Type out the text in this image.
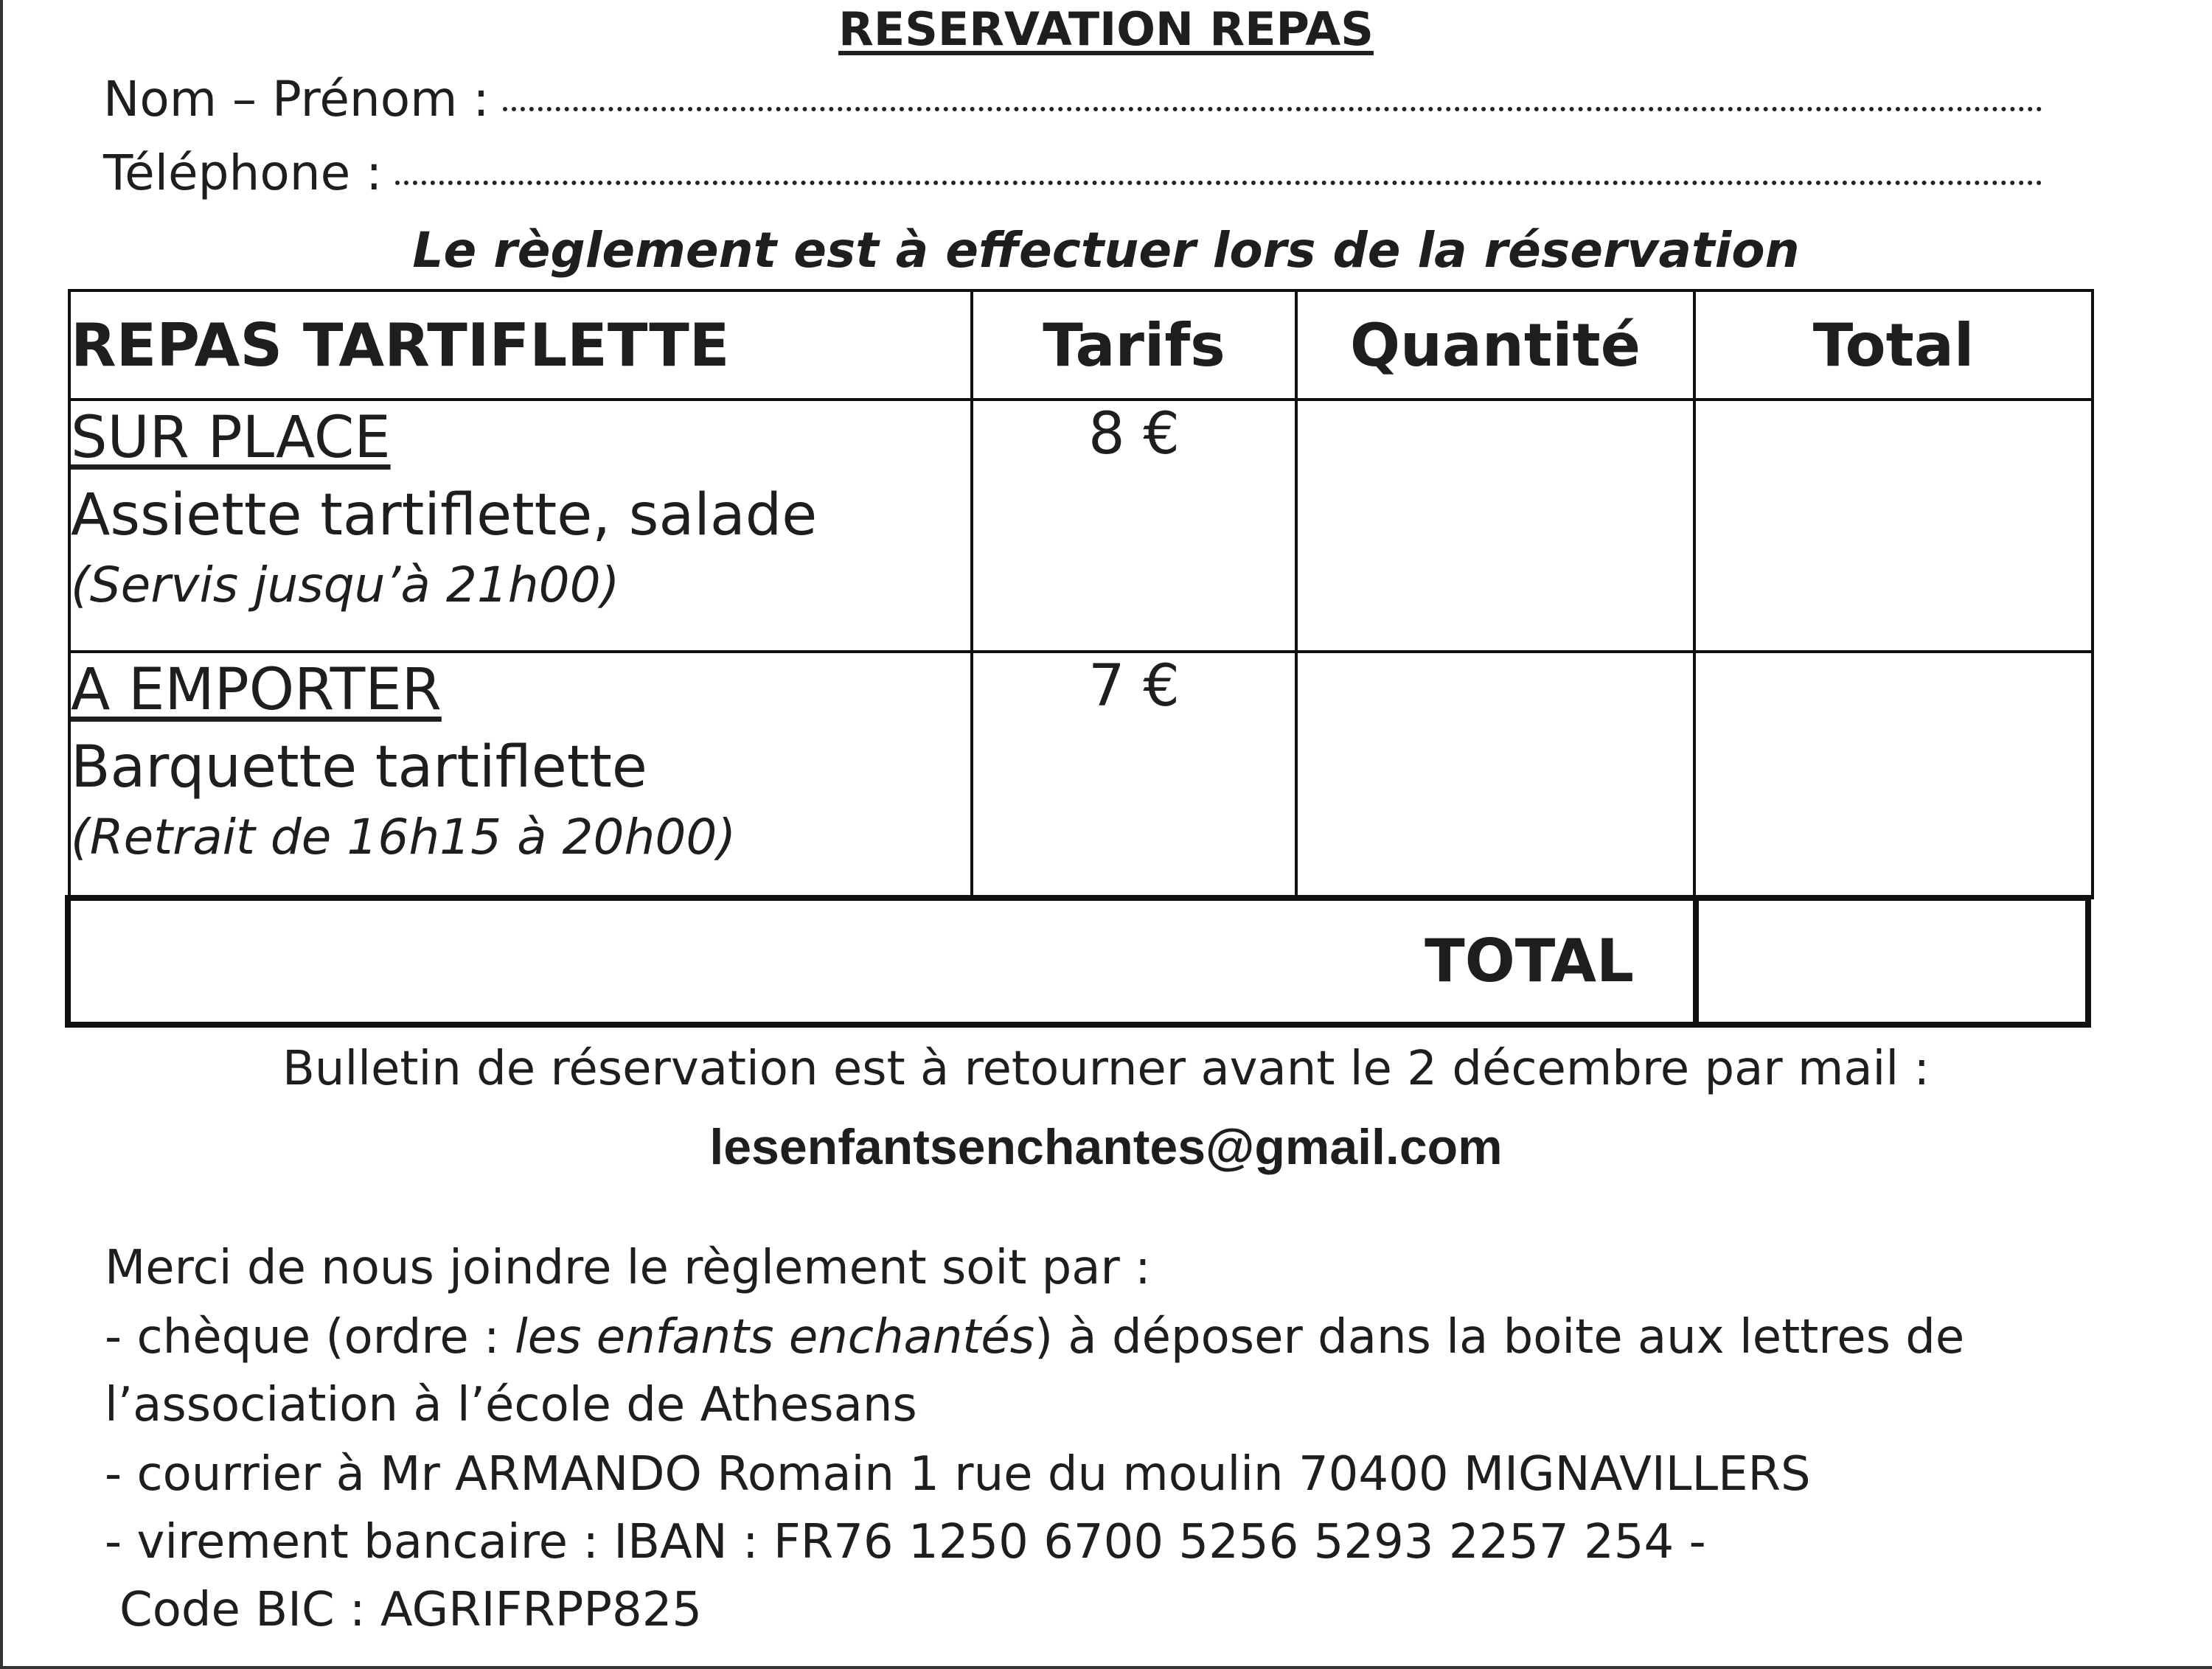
RESERVATION REPAS
Nom – Prénom :
Téléphone :
Le règlement est à effectuer lors de la réservation
REPAS TARTIFLETTE	Tarifs	Quantité	Total

SUR PLACE
Assiette tartiflette, salade
(Servis jusqu’à 21h00)	8 €		

A EMPORTER
Barquette tartiflette
(Retrait de 16h15 à 20h00)	7 €		
TOTAL
Bulletin de réservation est à retourner avant le 2 décembre par mail :
lesenfantsenchantes@gmail.com
Merci de nous joindre le règlement soit par :
- chèque (ordre : les enfants enchantés) à déposer dans la boite aux lettres de
l’association à l’école de Athesans
- courrier à Mr ARMANDO Romain 1 rue du moulin 70400 MIGNAVILLERS
- virement bancaire : IBAN : FR76 1250 6700 5256 5293 2257 254 -
Code BIC : AGRIFRPP825
